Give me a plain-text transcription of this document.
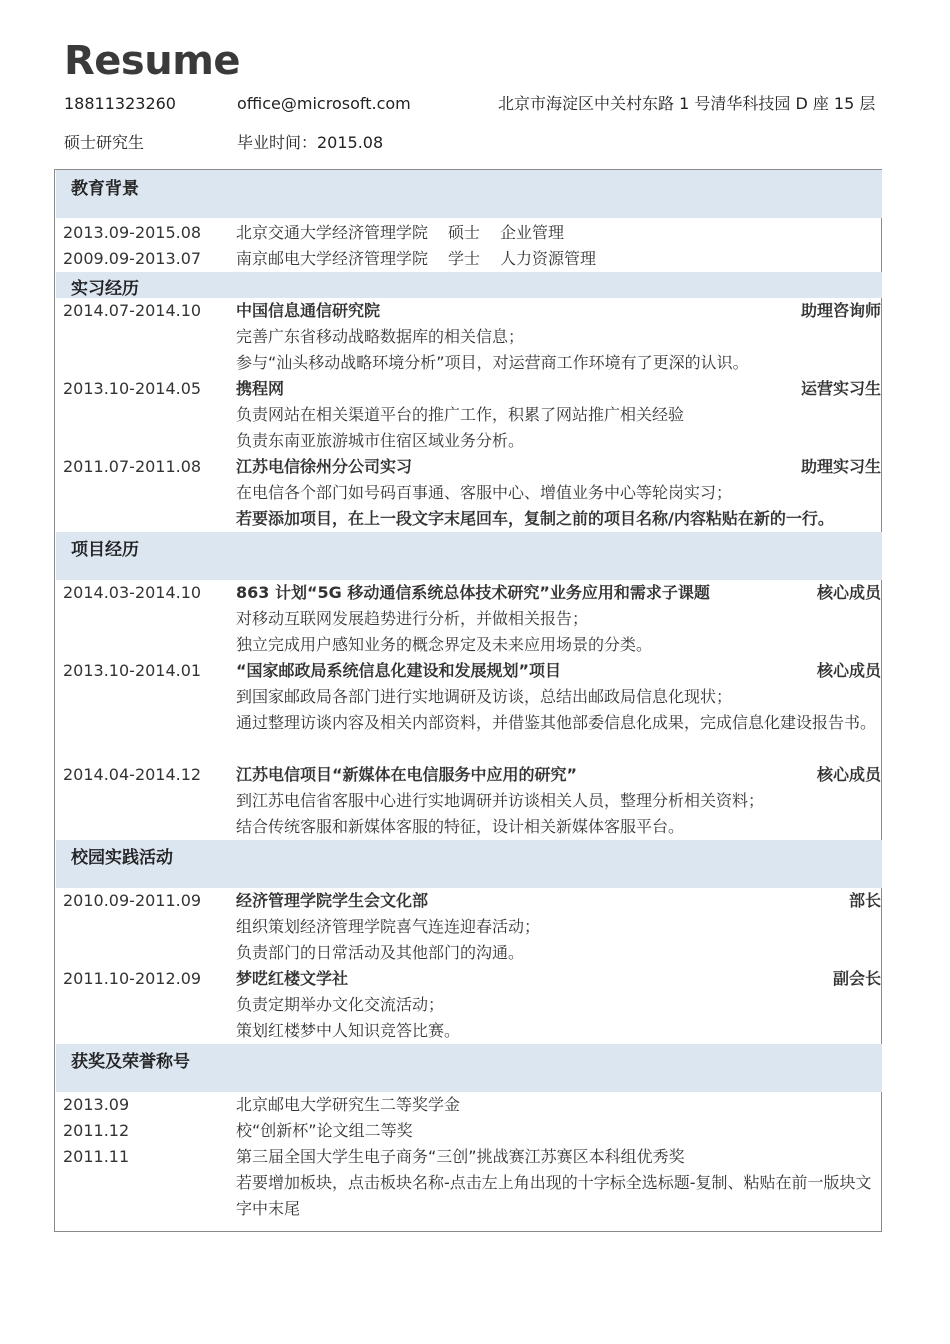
Resume
18811323260	office@microsoft.com	北京市海淀区中关村东路 1 号清华科技园 D 座 15 层
硕士研究生	毕业时间：2015.08
教育背景
2013.09-2015.08 北京交通大学经济管理学院 硕士 企业管理
2009.09-2013.07 南京邮电大学经济管理学院 学士 人力资源管理
实习经历
2014.07-2014.10 中国信息通信研究院	助理咨询师
完善广东省移动战略数据库的相关信息；
参与“汕头移动战略环境分析”项目，对运营商工作环境有了更深的认识。
2013.10-2014.05 携程网	运营实习生
负责网站在相关渠道平台的推广工作，积累了网站推广相关经验
负责东南亚旅游城市住宿区域业务分析。
2011.07-2011.08 江苏电信徐州分公司实习	助理实习生
在电信各个部门如号码百事通、客服中心、增值业务中心等轮岗实习；
若要添加项目，在上一段文字末尾回车，复制之前的项目名称/内容粘贴在新的一行。
项目经历
2014.03-2014.10 863 计划“5G 移动通信系统总体技术研究”业务应用和需求子课题	核心成员
对移动互联网发展趋势进行分析，并做相关报告；
独立完成用户感知业务的概念界定及未来应用场景的分类。
2013.10-2014.01 “国家邮政局系统信息化建设和发展规划”项目	核心成员
到国家邮政局各部门进行实地调研及访谈，总结出邮政局信息化现状；
通过整理访谈内容及相关内部资料，并借鉴其他部委信息化成果，完成信息化建设报告书。
2014.04-2014.12 江苏电信项目“新媒体在电信服务中应用的研究”	核心成员
到江苏电信省客服中心进行实地调研并访谈相关人员，整理分析相关资料；
结合传统客服和新媒体客服的特征，设计相关新媒体客服平台。
校园实践活动
2010.09-2011.09 经济管理学院学生会文化部	部长
组织策划经济管理学院喜气连连迎春活动；
负责部门的日常活动及其他部门的沟通。
2011.10-2012.09 梦呓红楼文学社	副会长
负责定期举办文化交流活动；
策划红楼梦中人知识竞答比赛。
获奖及荣誉称号
2013.09	北京邮电大学研究生二等奖学金
2011.12	校“创新杯”论文组二等奖
2011.11	第三届全国大学生电子商务“三创”挑战赛江苏赛区本科组优秀奖
若要增加板块，点击板块名称-点击左上角出现的十字标全选标题-复制、粘贴在前一版块文字中末尾
